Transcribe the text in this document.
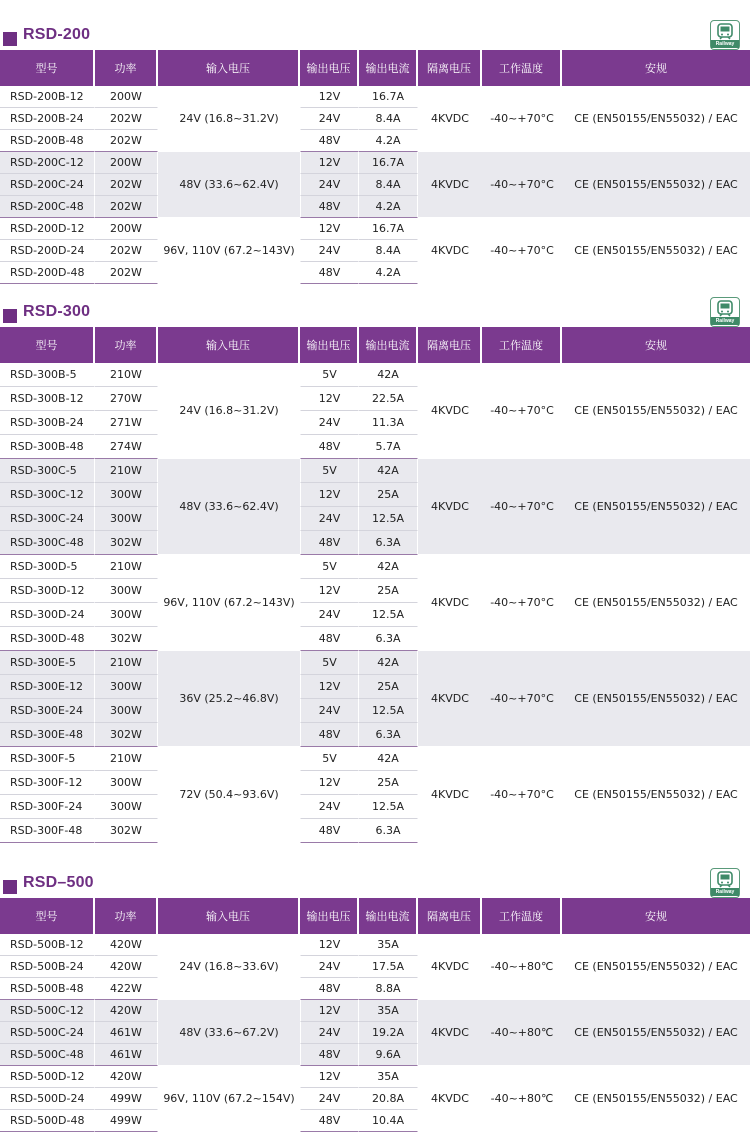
RSD-200
Railway
型号	功率	输入电压	输出电压	输出电流	隔离电压	工作温度	安规
RSD-200B-12	200W	24V (16.8~31.2V)	12V	16.7A	4KVDC	-40~+70°C	CE (EN50155/EN55032) / EAC
RSD-200B-24	202W		24V	8.4A			
RSD-200B-48	202W		48V	4.2A			
RSD-200C-12	200W	48V (33.6~62.4V)	12V	16.7A	4KVDC	-40~+70°C	CE (EN50155/EN55032) / EAC
RSD-200C-24	202W		24V	8.4A			
RSD-200C-48	202W		48V	4.2A			
RSD-200D-12	200W	96V, 110V (67.2~143V)	12V	16.7A	4KVDC	-40~+70°C	CE (EN50155/EN55032) / EAC
RSD-200D-24	202W		24V	8.4A			
RSD-200D-48	202W		48V	4.2A			
RSD-300
Railway
型号	功率	输入电压	输出电压	输出电流	隔离电压	工作温度	安规
RSD-300B-5	210W	24V (16.8~31.2V)	5V	42A	4KVDC	-40~+70°C	CE (EN50155/EN55032) / EAC
RSD-300B-12	270W		12V	22.5A			
RSD-300B-24	271W		24V	11.3A			
RSD-300B-48	274W		48V	5.7A			
RSD-300C-5	210W	48V (33.6~62.4V)	5V	42A	4KVDC	-40~+70°C	CE (EN50155/EN55032) / EAC
RSD-300C-12	300W		12V	25A			
RSD-300C-24	300W		24V	12.5A			
RSD-300C-48	302W		48V	6.3A			
RSD-300D-5	210W	96V, 110V (67.2~143V)	5V	42A	4KVDC	-40~+70°C	CE (EN50155/EN55032) / EAC
RSD-300D-12	300W		12V	25A			
RSD-300D-24	300W		24V	12.5A			
RSD-300D-48	302W		48V	6.3A			
RSD-300E-5	210W	36V (25.2~46.8V)	5V	42A	4KVDC	-40~+70°C	CE (EN50155/EN55032) / EAC
RSD-300E-12	300W		12V	25A			
RSD-300E-24	300W		24V	12.5A			
RSD-300E-48	302W		48V	6.3A			
RSD-300F-5	210W	72V (50.4~93.6V)	5V	42A	4KVDC	-40~+70°C	CE (EN50155/EN55032) / EAC
RSD-300F-12	300W		12V	25A			
RSD-300F-24	300W		24V	12.5A			
RSD-300F-48	302W		48V	6.3A			
RSD–500
Railway
型号	功率	输入电压	输出电压	输出电流	隔离电压	工作温度	安规
RSD-500B-12	420W	24V (16.8~33.6V)	12V	35A	4KVDC	-40~+80℃	CE (EN50155/EN55032) / EAC
RSD-500B-24	420W		24V	17.5A			
RSD-500B-48	422W		48V	8.8A			
RSD-500C-12	420W	48V (33.6~67.2V)	12V	35A	4KVDC	-40~+80℃	CE (EN50155/EN55032) / EAC
RSD-500C-24	461W		24V	19.2A			
RSD-500C-48	461W		48V	9.6A			
RSD-500D-12	420W	96V, 110V (67.2~154V)	12V	35A	4KVDC	-40~+80℃	CE (EN50155/EN55032) / EAC
RSD-500D-24	499W		24V	20.8A			
RSD-500D-48	499W		48V	10.4A			
